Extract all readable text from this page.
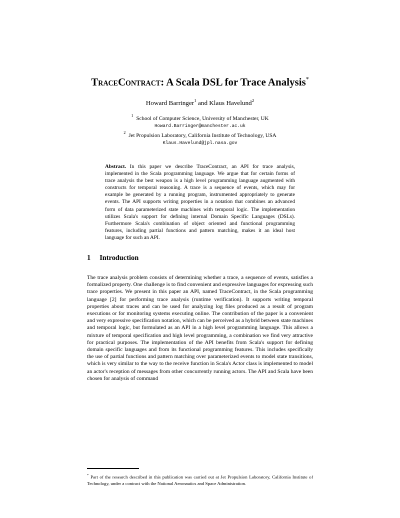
TraceContract: A Scala DSL for Trace Analysis*
Howard Barringer$^1$ and Klaus Havelund$^2$
$^1$School of Computer Science, University of Manchester, UK
Howard.Barringer@manchester.ac.uk
$^2$Jet Propulsion Laboratory, California Institute of Technology, USA
Klaus.Havelund@jpl.nasa.gov
Abstract. In this paper we describe TraceContract, an API for trace analysis, implemented in the Scala programming language. We argue that for certain forms of trace analysis the best weapon is a high level programming language augmented with constructs for temporal reasoning. A trace is a sequence of events, which may for example be generated by a running program, instrumented appropriately to generate events. The API supports writing properties in a notation that combines an advanced form of data parameterized state machines with temporal logic. The implementation utilizes Scala's support for defining internal Domain Specific Languages (DSLs). Furthermore Scala's combination of object oriented and functional programming features, including partial functions and pattern matching, makes it an ideal host language for such an API.
1 Introduction
The trace analysis problem consists of determining whether a trace, a sequence of events, satisfies a formalized property. One challenge is to find convenient and expressive languages for expressing such trace properties. We present in this paper an API, named TraceContract, in the Scala programming language [2] for performing trace analysis (runtime verification). It supports writing temporal properties about traces and can be used for analyzing log files produced as a result of program executions or for monitoring systems executing online. The contribution of the paper is a convenient and very expressive specification notation, which can be perceived as a hybrid between state machines and temporal logic, but formulated as an API in a high level programming language. This allows a mixture of temporal specification and high level programming, a combination we find very attractive for practical purposes. The implementation of the API benefits from Scala's support for defining domain specific languages and from its functional programming features. This includes specifically the use of partial functions and pattern matching over parameterized events to model state transitions, which is very similar to the way to the receive function in Scala's Actor class is implemented to model an actor's reception of messages from other concurrently running actors. The API and Scala have been chosen for analysis of command
* Part of the research described in this publication was carried out at Jet Propulsion Laboratory, California Institute of Technology, under a contract with the National Aeronautics and Space Administration.
